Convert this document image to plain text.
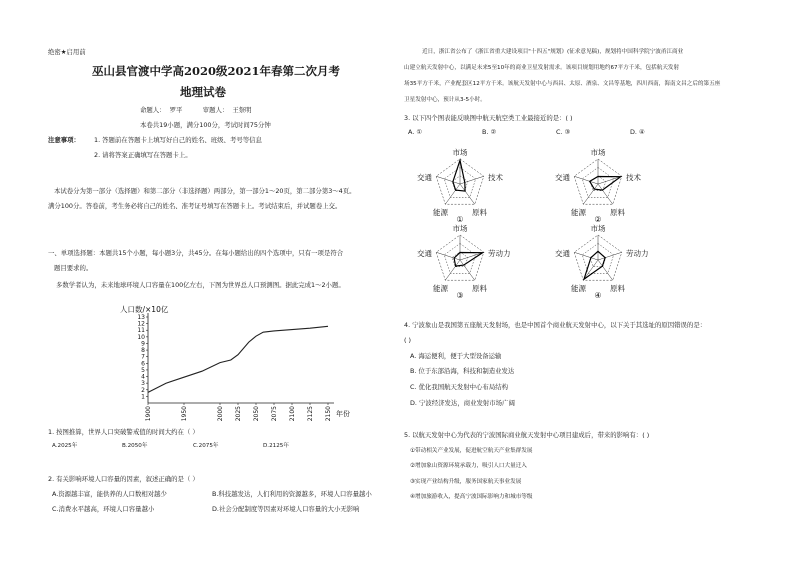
绝密★启用前
巫山县官渡中学高2020级2021年春第二次月考
地理试卷
命题人：  罗平          审题人：  王祭明
本卷共19小题，满分100分，考试时间75分钟
注意事项： 1. 答题前在答题卡上填写好自己的姓名、班级、考号等信息
2. 请将答案正确填写在答题卡上。
本试卷分为第一部分（选择题）和第二部分（非选择题）两部分，第一部分1～20页，第二部分第3～4页。
满分100分。答卷前，考生务必将自己的姓名、准考证号填写在答题卡上。考试结束后，并试题卷上交。
一、单项选择题：本题共15个小题，每小题3分，共45分。在每小题给出的四个选项中，只有一项是符合
题目要求的。
多数学者认为，未来地球环境人口容量在100亿左右，下图为世界总人口预测图。据此完成1～2小题。
人口数/×10亿
1
2
3
4
5
6
7
8
9
10
11
12
13
1900	1950	2000 2025 2050 2075 2100 2125 2150 年份
1. 按图推算，世界人口突破警戒值的时间大约在（ ）
A.2025年	B.2050年	C.2075年	D.2125年
2. 有关影响环境人口容量的因素，叙述正确的是（ ）
A.资源越丰富，能供养的人口数相对越少	B.科技越发达，人们利用的资源越多，环境人口容量越小
C.消费水平越高，环境人口容量越小	D.社会分配制度等因素对环境人口容量的大小无影响
近日，浙江省公布了《浙江省重大建设项目"十四五"规划》(征求意见稿)，规划将中国科学院宁波甬江商业
山建立航天发射中心，以满足未来5至10年的商业卫星发射需求。该项目规划用地约67平方千米，包括航天发射
场35平方千米，产业配套区12平方千米。该航天发射中心与西昌、太原、酒泉、文昌等基地，四川西南，海南文昌之后的第五座
卫星发射中心，预计从3-5小时。
3. 以下四个图表能反映图中航天航空类工业最接近的是：( )
A. ①	B. ②	C. ③	D. ④
市场
交通	技术
能源	原料
①
市场
交通	技术
能源	原料
②
市场
交通	劳动力
能源	原料
③
市场
交通	劳动力
能源	原料
④
4. 宁波象山是我国第五座航天发射场，也是中国首个商业航天发射中心，以下关于其选址的原因错误的是：
( )
A. 海运便利，便于大型设备运输
B. 位于东部沿海，科技和制造业发达
C. 优化我国航天发射中心布局结构
D. 宁波经济发达，商业发射市场广阔
5. 以航天发射中心为代表的宁波国际商业航天发射中心项目建成后，带来的影响有：( )
①带动相关产业发展，促进航空航天产业集群发展
②增加象山资源环境承载力，吸引人口大量迁入
③实现产业结构升级，服务国家航天事业发展
④增加旅游收入，提高宁波国际影响力和城市等级
